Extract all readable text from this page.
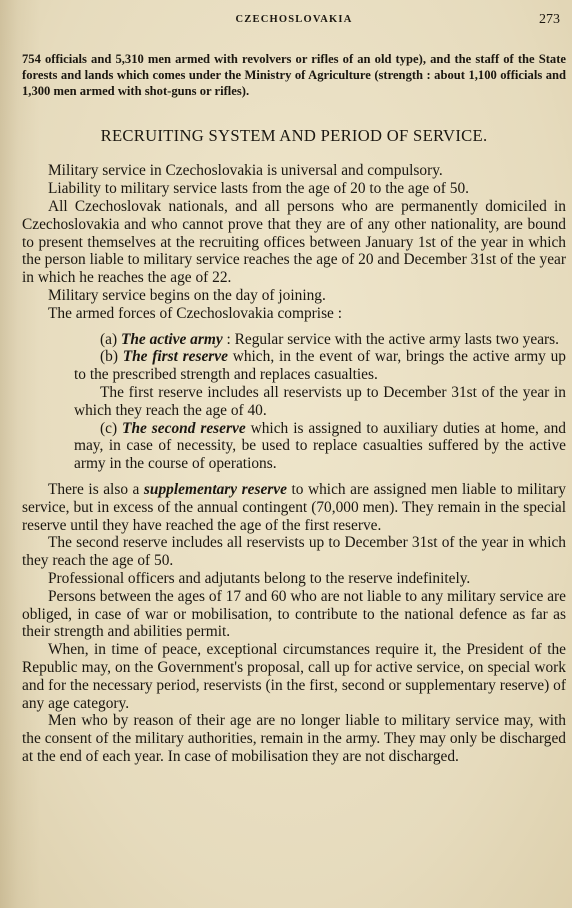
CZECHOSLOVAKIA	273

754 officials and 5,310 men armed with revolvers or rifles of an old type), and the staff of the State forests and lands which comes under the Ministry of Agriculture (strength : about 1,100 officials and 1,300 men armed with shot-guns or rifles).

RECRUITING SYSTEM AND PERIOD OF SERVICE.

Military service in Czechoslovakia is universal and compulsory.

Liability to military service lasts from the age of 20 to the age of 50.

All Czechoslovak nationals, and all persons who are permanently domiciled in Czechoslovakia and who cannot prove that they are of any other nationality, are bound to present themselves at the recruiting offices between January 1st of the year in which the person liable to military service reaches the age of 20 and December 31st of the year in which he reaches the age of 22.

Military service begins on the day of joining.

The armed forces of Czechoslovakia comprise :

(a) The active army : Regular service with the active army lasts two years.

(b) The first reserve which, in the event of war, brings the active army up to the prescribed strength and replaces casualties.

The first reserve includes all reservists up to December 31st of the year in which they reach the age of 40.

(c) The second reserve which is assigned to auxiliary duties at home, and may, in case of necessity, be used to replace casualties suffered by the active army in the course of operations.

There is also a supplementary reserve to which are assigned men liable to military service, but in excess of the annual contingent (70,000 men). They remain in the special reserve until they have reached the age of the first reserve.

The second reserve includes all reservists up to December 31st of the year in which they reach the age of 50.

Professional officers and adjutants belong to the reserve indefinitely.

Persons between the ages of 17 and 60 who are not liable to any military service are obliged, in case of war or mobilisation, to contribute to the national defence as far as their strength and abilities permit.

When, in time of peace, exceptional circumstances require it, the President of the Republic may, on the Government's proposal, call up for active service, on special work and for the necessary period, reservists (in the first, second or supplementary reserve) of any age category.

Men who by reason of their age are no longer liable to military service may, with the consent of the military authorities, remain in the army. They may only be discharged at the end of each year. In case of mobilisation they are not discharged.
